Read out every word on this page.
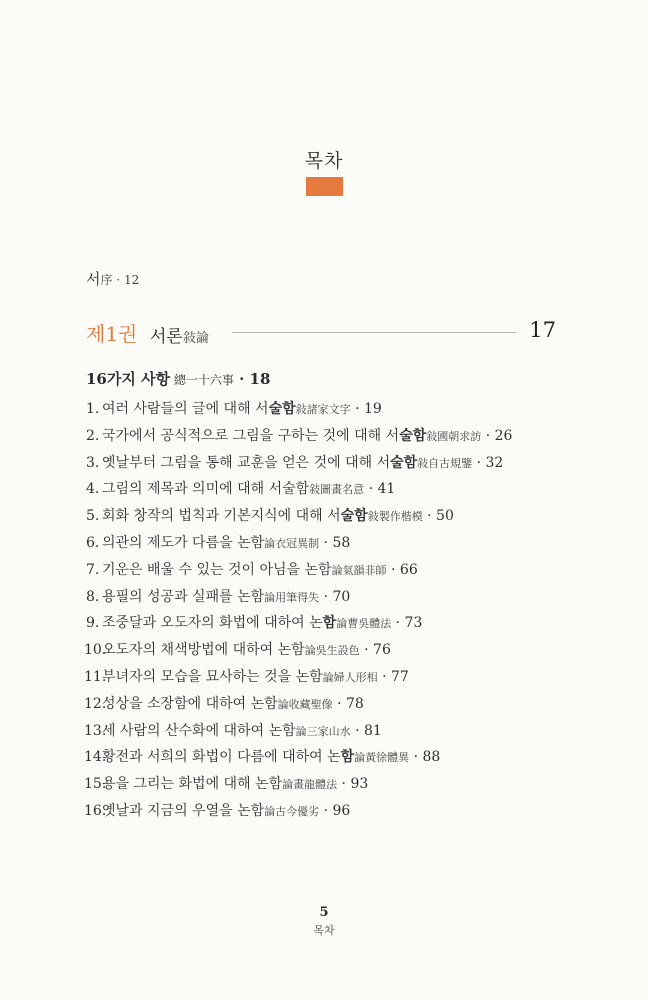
목차
서序 · 12
제1권 서론敍論	17
16가지 사항 總一十六事 · 18
1. 여러 사람들의 글에 대해 서술함敍諸家文字 · 19
2. 국가에서 공식적으로 그림을 구하는 것에 대해 서술함敍國朝求訪 · 26
3. 옛날부터 그림을 통해 교훈을 얻은 것에 대해 서술함敍自古規鑒 · 32
4. 그림의 제목과 의미에 대해 서술함敍圖畫名意 · 41
5. 회화 창작의 법칙과 기본지식에 대해 서술함敍製作楷模 · 50
6. 의관의 제도가 다름을 논함論衣冠異制 · 58
7. 기운은 배울 수 있는 것이 아님을 논함論氣韻非師 · 66
8. 용필의 성공과 실패를 논함論用筆得失 · 70
9. 조중달과 오도자의 화법에 대하여 논함論曹吳體法 · 73
10.오도자의 채색방법에 대하여 논함論吳生設色 · 76
11.부녀자의 모습을 묘사하는 것을 논함論婦人形相 · 77
12.성상을 소장함에 대하여 논함論收藏聖像 · 78
13.세 사람의 산수화에 대하여 논함論三家山水 · 81
14.황전과 서희의 화법이 다름에 대하여 논함論黃徐體異 · 88
15.용을 그리는 화법에 대해 논함論畫龍體法 · 93
16.옛날과 지금의 우열을 논함論古今優劣 · 96
5
목차
